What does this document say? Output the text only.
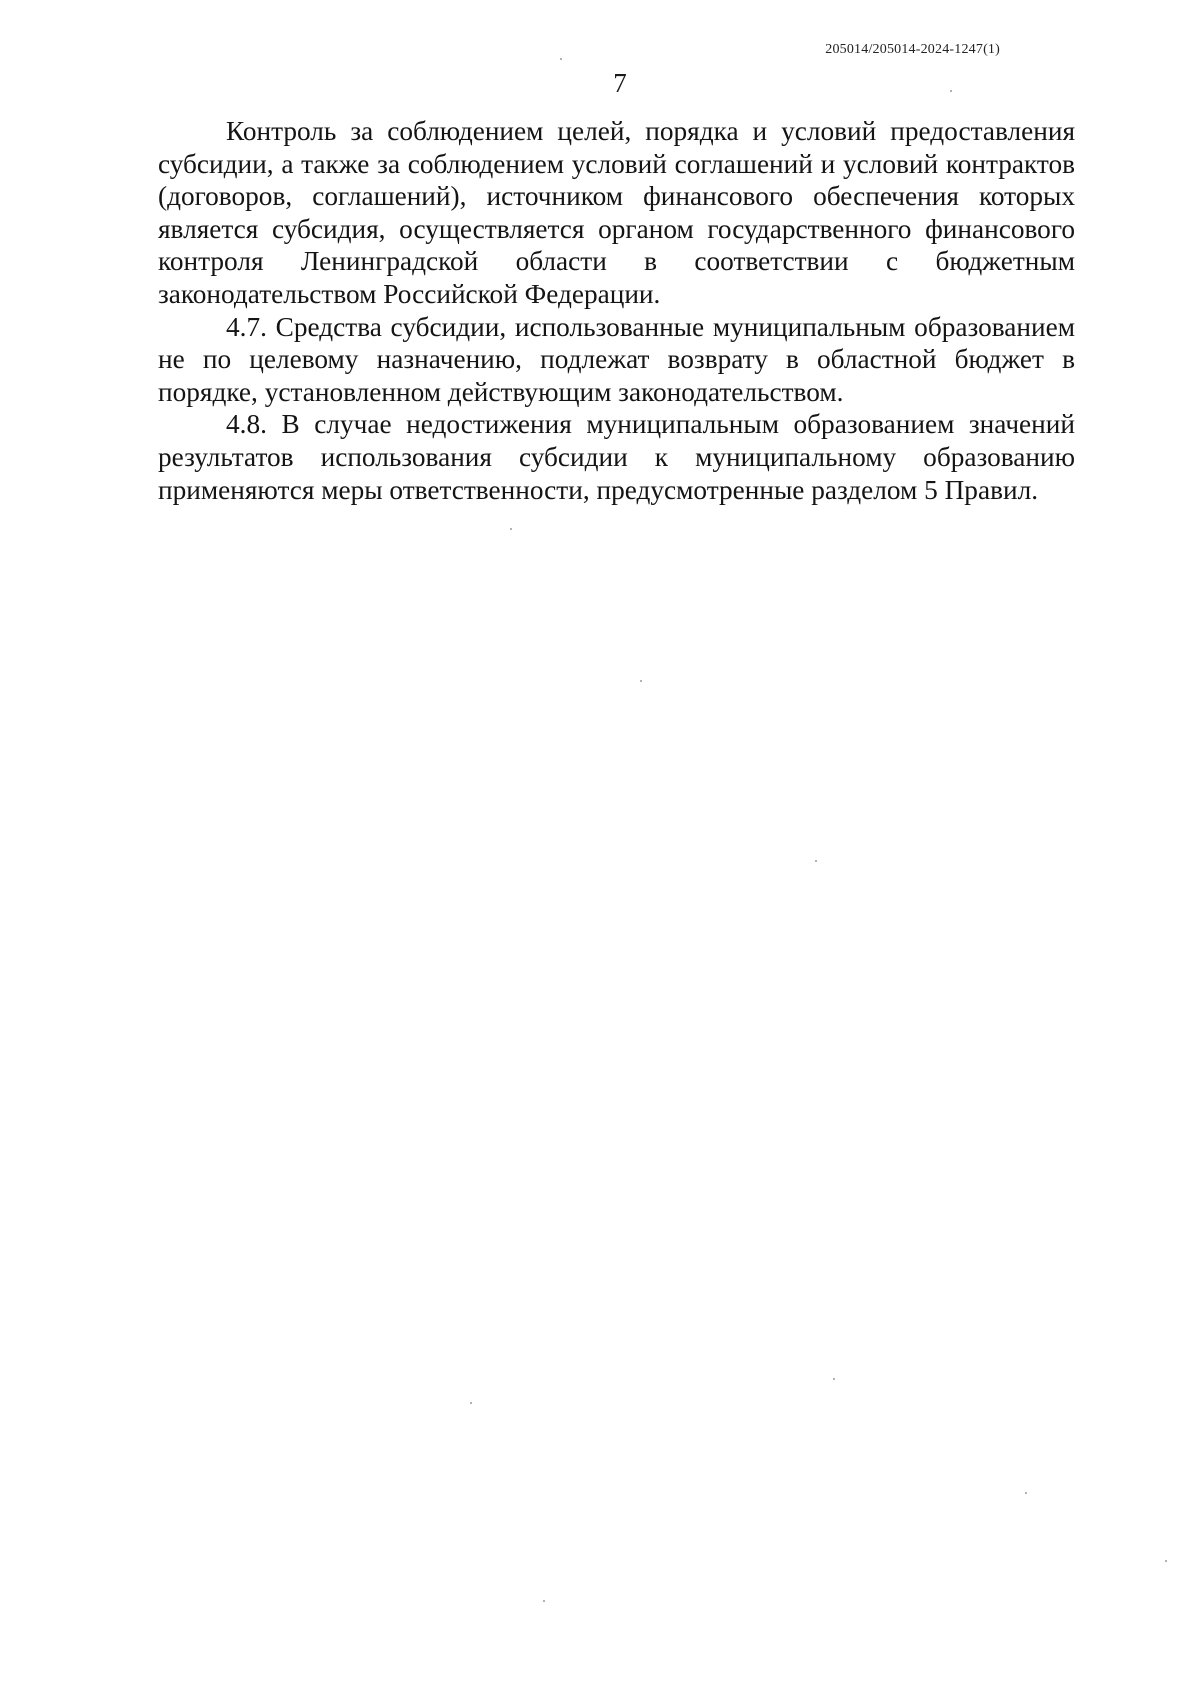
205014/205014-2024-1247(1)
7

Контроль за соблюдением целей, порядка и условий предоставления субсидии, а также за соблюдением условий соглашений и условий контрактов (договоров, соглашений), источником финансового обеспечения которых является субсидия, осуществляется органом государственного финансового контроля Ленинградской области в соответствии с бюджетным законодательством Российской Федерации.

4.7. Средства субсидии, использованные муниципальным образованием не по целевому назначению, подлежат возврату в областной бюджет в порядке, установленном действующим законодательством.

4.8. В случае недостижения муниципальным образованием значений результатов использования субсидии к муниципальному образованию применяются меры ответственности, предусмотренные разделом 5 Правил.
